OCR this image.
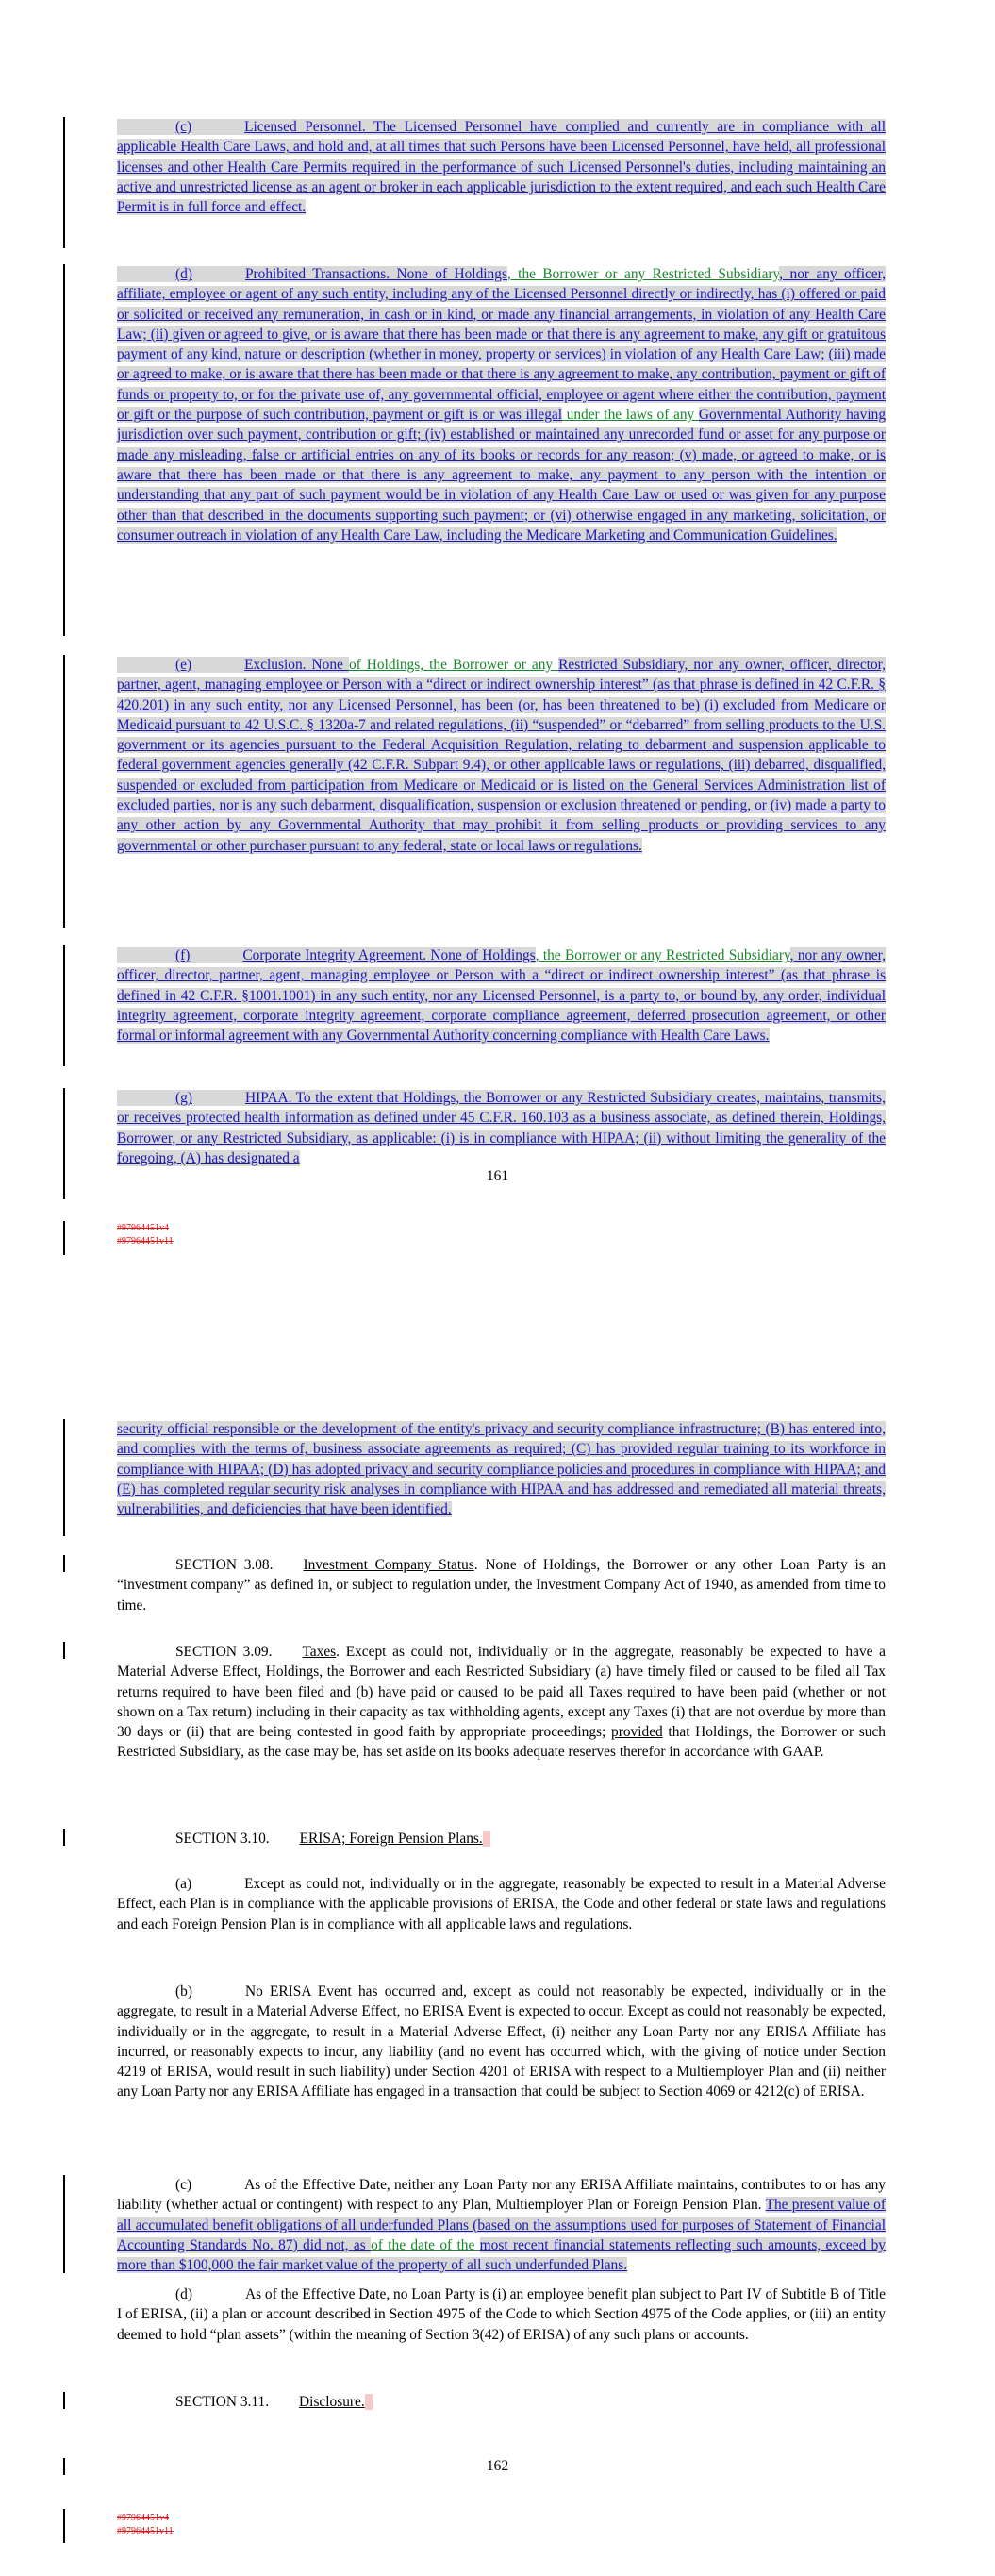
(c)	Licensed Personnel. The Licensed Personnel have complied and currently are in compliance with all applicable Health Care Laws, and hold and, at all times that such Persons have been Licensed Personnel, have held, all professional licenses and other Health Care Permits required in the performance of such Licensed Personnel's duties, including maintaining an active and unrestricted license as an agent or broker in each applicable jurisdiction to the extent required, and each such Health Care Permit is in full force and effect.

(d)	Prohibited Transactions. None of Holdings, the Borrower or any Restricted Subsidiary, nor any officer, affiliate, employee or agent of any such entity, including any of the Licensed Personnel directly or indirectly, has (i) offered or paid or solicited or received any remuneration, in cash or in kind, or made any financial arrangements, in violation of any Health Care Law; (ii) given or agreed to give, or is aware that there has been made or that there is any agreement to make, any gift or gratuitous payment of any kind, nature or description (whether in money, property or services) in violation of any Health Care Law; (iii) made or agreed to make, or is aware that there has been made or that there is any agreement to make, any contribution, payment or gift of funds or property to, or for the private use of, any governmental official, employee or agent where either the contribution, payment or gift or the purpose of such contribution, payment or gift is or was illegal under the laws of any Governmental Authority having jurisdiction over such payment, contribution or gift; (iv) established or maintained any unrecorded fund or asset for any purpose or made any misleading, false or artificial entries on any of its books or records for any reason; (v) made, or agreed to make, or is aware that there has been made or that there is any agreement to make, any payment to any person with the intention or understanding that any part of such payment would be in violation of any Health Care Law or used or was given for any purpose other than that described in the documents supporting such payment; or (vi) otherwise engaged in any marketing, solicitation, or consumer outreach in violation of any Health Care Law, including the Medicare Marketing and Communication Guidelines.

(e)	Exclusion. None of Holdings, the Borrower or any Restricted Subsidiary, nor any owner, officer, director, partner, agent, managing employee or Person with a “direct or indirect ownership interest” (as that phrase is defined in 42 C.F.R. § 420.201) in any such entity, nor any Licensed Personnel, has been (or, has been threatened to be) (i) excluded from Medicare or Medicaid pursuant to 42 U.S.C. § 1320a-7 and related regulations, (ii) “suspended” or “debarred” from selling products to the U.S. government or its agencies pursuant to the Federal Acquisition Regulation, relating to debarment and suspension applicable to federal government agencies generally (42 C.F.R. Subpart 9.4), or other applicable laws or regulations, (iii) debarred, disqualified, suspended or excluded from participation from Medicare or Medicaid or is listed on the General Services Administration list of excluded parties, nor is any such debarment, disqualification, suspension or exclusion threatened or pending, or (iv) made a party to any other action by any Governmental Authority that may prohibit it from selling products or providing services to any governmental or other purchaser pursuant to any federal, state or local laws or regulations.

(f)	Corporate Integrity Agreement. None of Holdings, the Borrower or any Restricted Subsidiary, nor any owner, officer, director, partner, agent, managing employee or Person with a “direct or indirect ownership interest” (as that phrase is defined in 42 C.F.R. §1001.1001) in any such entity, nor any Licensed Personnel, is a party to, or bound by, any order, individual integrity agreement, corporate integrity agreement, corporate compliance agreement, deferred prosecution agreement, or other formal or informal agreement with any Governmental Authority concerning compliance with Health Care Laws.

(g)	HIPAA. To the extent that Holdings, the Borrower or any Restricted Subsidiary creates, maintains, transmits, or receives protected health information as defined under 45 C.F.R. 160.103 as a business associate, as defined therein, Holdings, Borrower, or any Restricted Subsidiary, as applicable: (i) is in compliance with HIPAA; (ii) without limiting the generality of the foregoing, (A) has designated a

161
#97964451v4
#97964451v11

security official responsible or the development of the entity's privacy and security compliance infrastructure; (B) has entered into, and complies with the terms of, business associate agreements as required; (C) has provided regular training to its workforce in compliance with HIPAA; (D) has adopted privacy and security compliance policies and procedures in compliance with HIPAA; and (E) has completed regular security risk analyses in compliance with HIPAA and has addressed and remediated all material threats, vulnerabilities, and deficiencies that have been identified.

SECTION 3.08. Investment Company Status. None of Holdings, the Borrower or any other Loan Party is an “investment company” as defined in, or subject to regulation under, the Investment Company Act of 1940, as amended from time to time.

SECTION 3.09. Taxes. Except as could not, individually or in the aggregate, reasonably be expected to have a Material Adverse Effect, Holdings, the Borrower and each Restricted Subsidiary (a) have timely filed or caused to be filed all Tax returns required to have been filed and (b) have paid or caused to be paid all Taxes required to have been paid (whether or not shown on a Tax return) including in their capacity as tax withholding agents, except any Taxes (i) that are not overdue by more than 30 days or (ii) that are being contested in good faith by appropriate proceedings; provided that Holdings, the Borrower or such Restricted Subsidiary, as the case may be, has set aside on its books adequate reserves therefor in accordance with GAAP.

SECTION 3.10. ERISA; Foreign Pension Plans.

(a)	Except as could not, individually or in the aggregate, reasonably be expected to result in a Material Adverse Effect, each Plan is in compliance with the applicable provisions of ERISA, the Code and other federal or state laws and regulations and each Foreign Pension Plan is in compliance with all applicable laws and regulations.

(b)	No ERISA Event has occurred and, except as could not reasonably be expected, individually or in the aggregate, to result in a Material Adverse Effect, no ERISA Event is expected to occur. Except as could not reasonably be expected, individually or in the aggregate, to result in a Material Adverse Effect, (i) neither any Loan Party nor any ERISA Affiliate has incurred, or reasonably expects to incur, any liability (and no event has occurred which, with the giving of notice under Section 4219 of ERISA, would result in such liability) under Section 4201 of ERISA with respect to a Multiemployer Plan and (ii) neither any Loan Party nor any ERISA Affiliate has engaged in a transaction that could be subject to Section 4069 or 4212(c) of ERISA.

(c)	As of the Effective Date, neither any Loan Party nor any ERISA Affiliate maintains, contributes to or has any liability (whether actual or contingent) with respect to any Plan, Multiemployer Plan or Foreign Pension Plan. The present value of all accumulated benefit obligations of all underfunded Plans (based on the assumptions used for purposes of Statement of Financial Accounting Standards No. 87) did not, as of the date of the most recent financial statements reflecting such amounts, exceed by more than $100,000 the fair market value of the property of all such underfunded Plans.

(d)	As of the Effective Date, no Loan Party is (i) an employee benefit plan subject to Part IV of Subtitle B of Title I of ERISA, (ii) a plan or account described in Section 4975 of the Code to which Section 4975 of the Code applies, or (iii) an entity deemed to hold “plan assets” (within the meaning of Section 3(42) of ERISA) of any such plans or accounts.

SECTION 3.11. Disclosure.

162
#97964451v4
#97964451v11
